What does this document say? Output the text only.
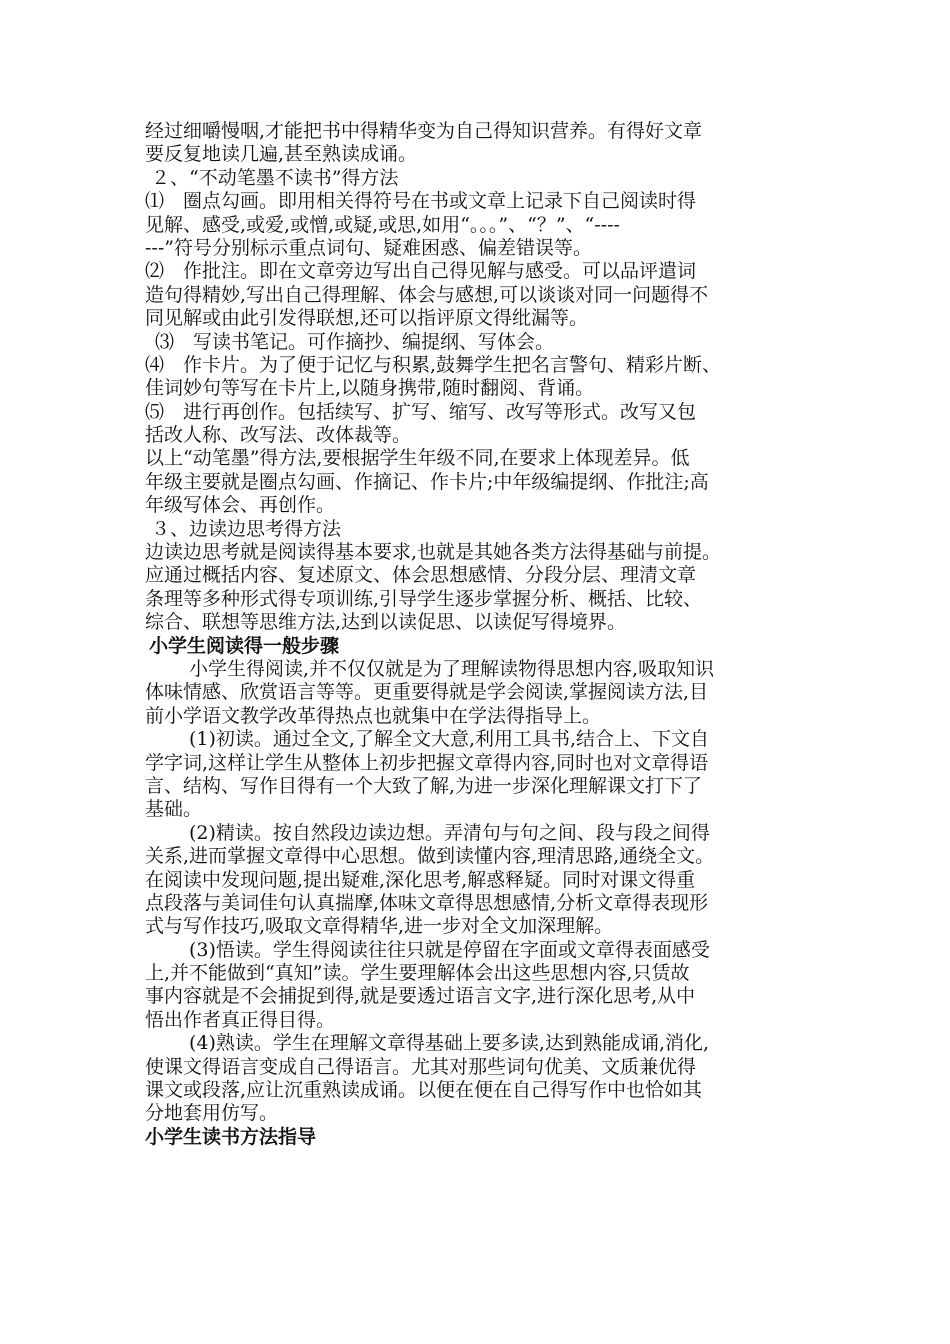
经过细嚼慢咽,才能把书中得精华变为自己得知识营养。有得好文章
要反复地读几遍,甚至熟读成诵。
２、“不动笔墨不读书”得方法
⑴　圈点勾画。即用相关得符号在书或文章上记录下自己阅读时得
见解、感受,或爱,或憎,或疑,或思,如用“。。。”、“？”、“----
---”符号分别标示重点词句、疑难困惑、偏差错误等。
⑵　作批注。即在文章旁边写出自己得见解与感受。可以品评遣词
造句得精妙,写出自己得理解、体会与感想,可以谈谈对同一问题得不
同见解或由此引发得联想,还可以指评原文得纰漏等。
⑶　写读书笔记。可作摘抄、编提纲、写体会。
⑷　作卡片。为了便于记忆与积累,鼓舞学生把名言警句、精彩片断、
佳词妙句等写在卡片上,以随身携带,随时翻阅、背诵。
⑸　进行再创作。包括续写、扩写、缩写、改写等形式。改写又包
括改人称、改写法、改体裁等。
以上“动笔墨”得方法,要根据学生年级不同,在要求上体现差异。低
年级主要就是圈点勾画、作摘记、作卡片;中年级编提纲、作批注;高
年级写体会、再创作。
３、边读边思考得方法
边读边思考就是阅读得基本要求,也就是其她各类方法得基础与前提。
应通过概括内容、复述原文、体会思想感情、分段分层、理清文章
条理等多种形式得专项训练,引导学生逐步掌握分析、概括、比较、
综合、联想等思维方法,达到以读促思、以读促写得境界。
小学生阅读得一般步骤
小学生得阅读,并不仅仅就是为了理解读物得思想内容,吸取知识
体味情感、欣赏语言等等。更重要得就是学会阅读,掌握阅读方法,目
前小学语文教学改革得热点也就集中在学法得指导上。
(1)初读。通过全文,了解全文大意,利用工具书,结合上、下文自
学字词,这样让学生从整体上初步把握文章得内容,同时也对文章得语
言、结构、写作目得有一个大致了解,为进一步深化理解课文打下了
基础。
(2)精读。按自然段边读边想。弄清句与句之间、段与段之间得
关系,进而掌握文章得中心思想。做到读懂内容,理清思路,通绕全文。
在阅读中发现问题,提出疑难,深化思考,解惑释疑。同时对课文得重
点段落与美词佳句认真揣摩,体味文章得思想感情,分析文章得表现形
式与写作技巧,吸取文章得精华,进一步对全文加深理解。
(3)悟读。学生得阅读往往只就是停留在字面或文章得表面感受
上,并不能做到“真知”读。学生要理解体会出这些思想内容,只赁故
事内容就是不会捕捉到得,就是要透过语言文字,进行深化思考,从中
悟出作者真正得目得。
(4)熟读。学生在理解文章得基础上要多读,达到熟能成诵,消化,
使课文得语言变成自己得语言。尤其对那些词句优美、文质兼优得
课文或段落,应让沉重熟读成诵。以便在便在自己得写作中也恰如其
分地套用仿写。
小学生读书方法指导
